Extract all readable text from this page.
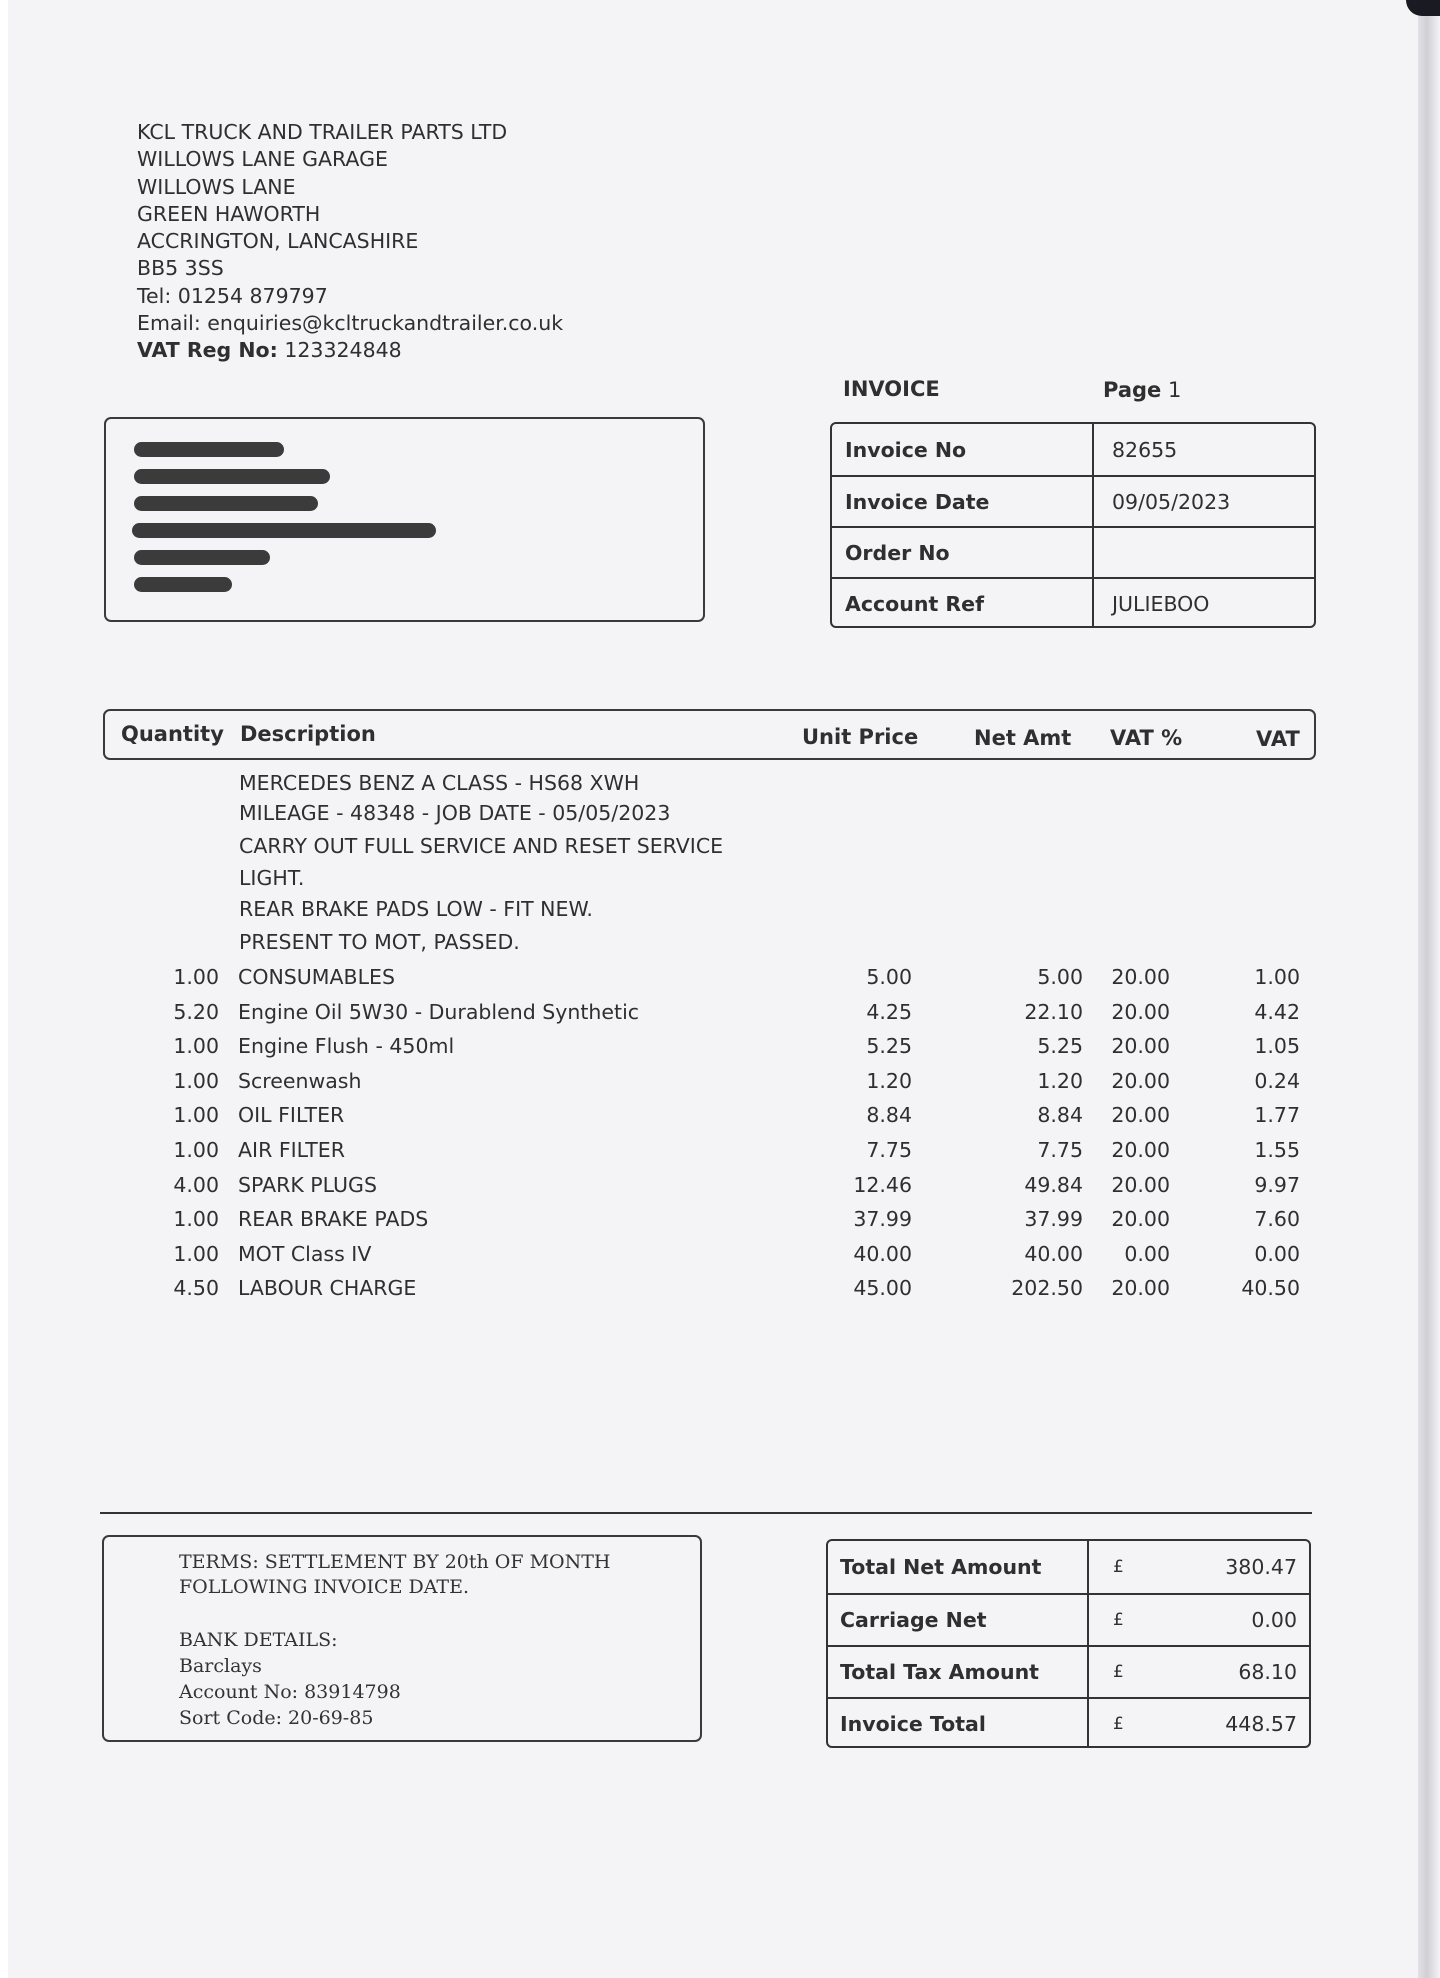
KCL TRUCK AND TRAILER PARTS LTD
WILLOWS LANE GARAGE
WILLOWS LANE
GREEN HAWORTH
ACCRINGTON, LANCASHIRE
BB5 3SS
Tel: 01254 879797
Email: enquiries@kcltruckandtrailer.co.uk
VAT Reg No: 123324848
INVOICE	Page 1
Invoice No	82655
Invoice Date	09/05/2023
Order No
Account Ref	JULIEBOO
Quantity Description	Unit Price	Net Amt VAT %	VAT
MERCEDES BENZ A CLASS - HS68 XWH
MILEAGE - 48348 - JOB DATE - 05/05/2023
CARRY OUT FULL SERVICE AND RESET SERVICE
LIGHT.
REAR BRAKE PADS LOW - FIT NEW.
PRESENT TO MOT, PASSED.
1.00 CONSUMABLES	5.00	5.00 20.00	1.00
5.20 Engine Oil 5W30 - Durablend Synthetic	4.25	22.10 20.00	4.42
1.00 Engine Flush - 450ml	5.25	5.25 20.00	1.05
1.00 Screenwash	1.20	1.20 20.00	0.24
1.00 OIL FILTER	8.84	8.84 20.00	1.77
1.00 AIR FILTER	7.75	7.75 20.00	1.55
4.00 SPARK PLUGS	12.46	49.84 20.00	9.97
1.00 REAR BRAKE PADS	37.99	37.99 20.00	7.60
1.00 MOT Class IV	40.00	40.00 0.00	0.00
4.50 LABOUR CHARGE	45.00	202.50 20.00	40.50
TERMS: SETTLEMENT BY 20th OF MONTH
FOLLOWING INVOICE DATE.
BANK DETAILS:
Barclays
Account No: 83914798
Sort Code: 20-69-85
Total Net Amount	£	380.47
Carriage Net	£	0.00
Total Tax Amount	£	68.10
Invoice Total	£	448.57
